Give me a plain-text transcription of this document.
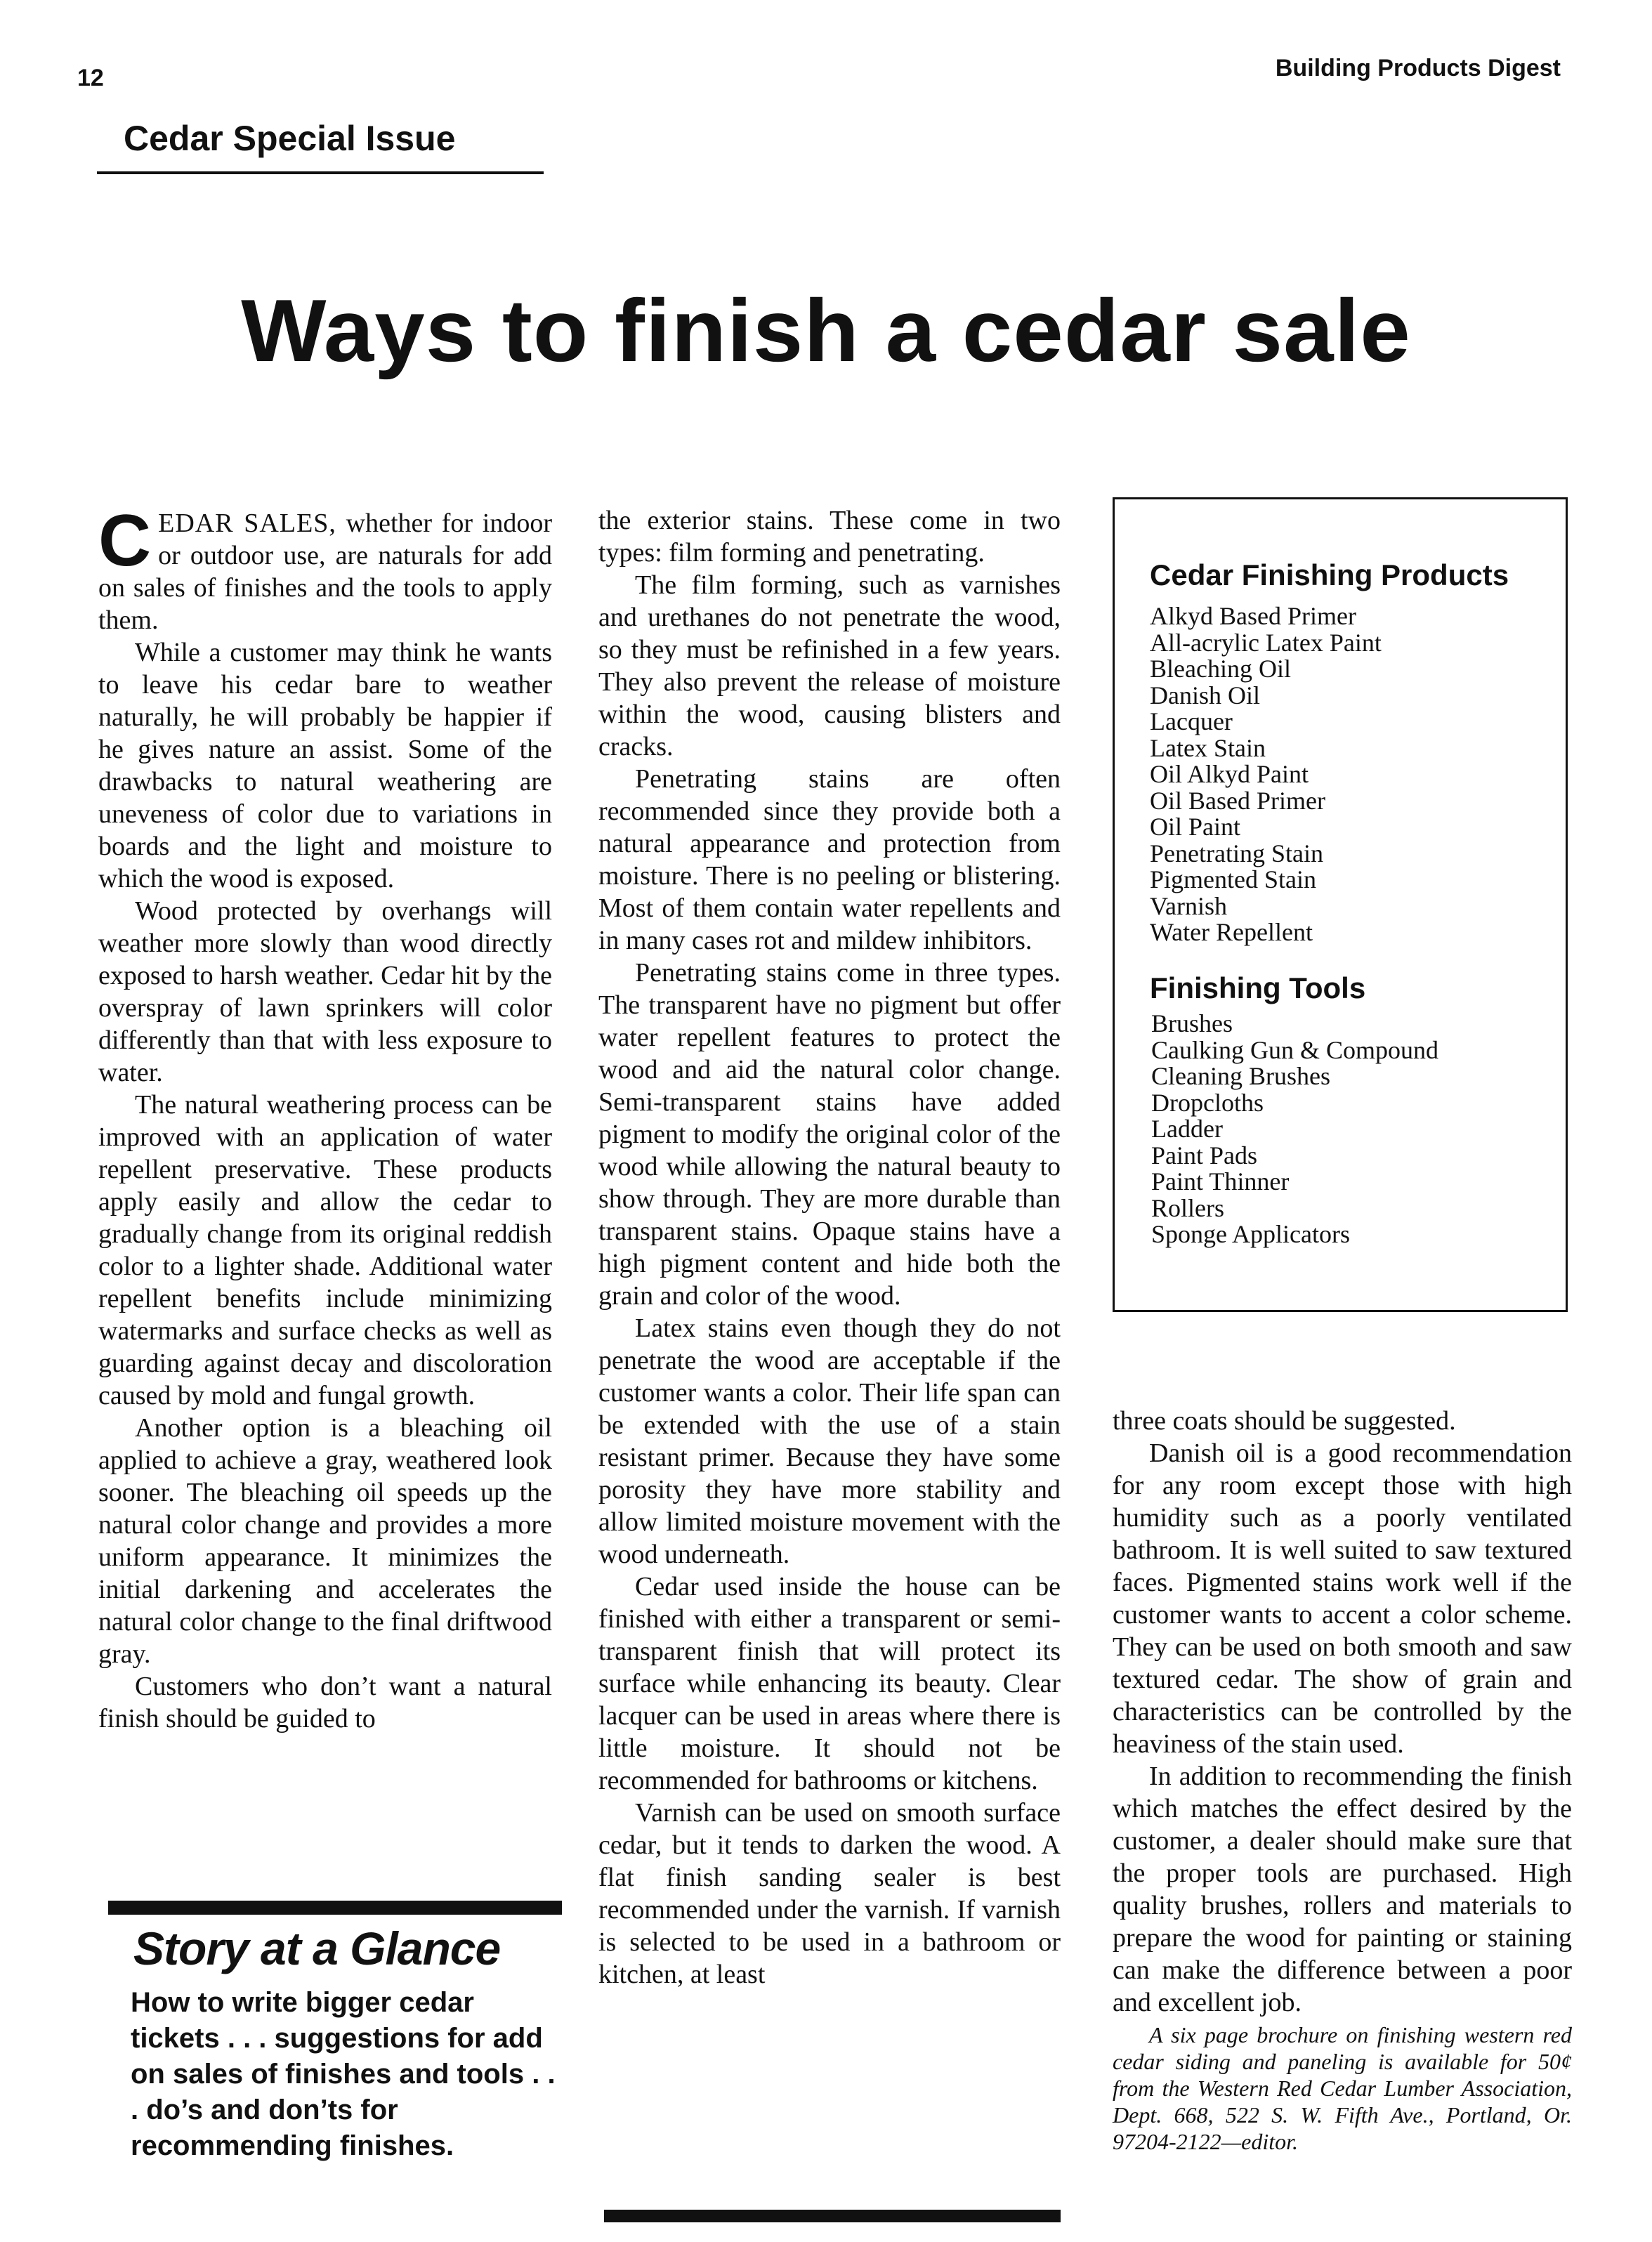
12	Building Products Digest
Cedar Special Issue
Ways to finish a cedar sale

CEDAR SALES, whether for indoor or outdoor use, are naturals for add on sales of finishes and the tools to apply them.

While a customer may think he wants to leave his cedar bare to weather naturally, he will probably be happier if he gives nature an assist. Some of the drawbacks to natural weathering are uneveness of color due to variations in boards and the light and moisture to which the wood is exposed.

Wood protected by overhangs will weather more slowly than wood directly exposed to harsh weather. Cedar hit by the overspray of lawn sprinkers will color differently than that with less exposure to water.

The natural weathering process can be improved with an application of water repellent preservative. These products apply easily and allow the cedar to gradually change from its original reddish color to a lighter shade. Additional water repellent benefits include minimizing watermarks and surface checks as well as guarding against decay and discoloration caused by mold and fungal growth.

Another option is a bleaching oil applied to achieve a gray, weathered look sooner. The bleaching oil speeds up the natural color change and provides a more uniform appearance. It minimizes the initial darkening and accelerates the natural color change to the final driftwood gray.

Customers who don’t want a natural finish should be guided to

Story at a Glance
How to write bigger cedar tickets . . . suggestions for add on sales of finishes and tools . . . do’s and don’ts for recommending finishes.

the exterior stains. These come in two types: film forming and penetrating.

The film forming, such as varnishes and urethanes do not penetrate the wood, so they must be refinished in a few years. They also prevent the release of moisture within the wood, causing blisters and cracks.

Penetrating stains are often recommended since they provide both a natural appearance and protection from moisture. There is no peeling or blistering. Most of them contain water repellents and in many cases rot and mildew inhibitors.

Penetrating stains come in three types. The transparent have no pigment but offer water repellent features to protect the wood and aid the natural color change. Semi-transparent stains have added pigment to modify the original color of the wood while allowing the natural beauty to show through. They are more durable than transparent stains. Opaque stains have a high pigment content and hide both the grain and color of the wood.

Latex stains even though they do not penetrate the wood are acceptable if the customer wants a color. Their life span can be extended with the use of a stain resistant primer. Because they have some porosity they have more stability and allow limited moisture movement with the wood underneath.

Cedar used inside the house can be finished with either a transparent or semi-transparent finish that will protect its surface while enhancing its beauty. Clear lacquer can be used in areas where there is little moisture. It should not be recommended for bathrooms or kitchens.

Varnish can be used on smooth surface cedar, but it tends to darken the wood. A flat finish sanding sealer is best recommended under the varnish. If varnish is selected to be used in a bathroom or kitchen, at least

Cedar Finishing Products
Alkyd Based Primer
All-acrylic Latex Paint
Bleaching Oil
Danish Oil
Lacquer
Latex Stain
Oil Alkyd Paint
Oil Based Primer
Oil Paint
Penetrating Stain
Pigmented Stain
Varnish
Water Repellent
Finishing Tools
Brushes
Caulking Gun & Compound
Cleaning Brushes
Dropcloths
Ladder
Paint Pads
Paint Thinner
Rollers
Sponge Applicators

three coats should be suggested.

Danish oil is a good recommendation for any room except those with high humidity such as a poorly ventilated bathroom. It is well suited to saw textured faces. Pigmented stains work well if the customer wants to accent a color scheme. They can be used on both smooth and saw textured cedar. The show of grain and characteristics can be controlled by the heaviness of the stain used.

In addition to recommending the finish which matches the effect desired by the customer, a dealer should make sure that the proper tools are purchased. High quality brushes, rollers and materials to prepare the wood for painting or staining can make the difference between a poor and excellent job.

A six page brochure on finishing western red cedar siding and paneling is available for 50¢ from the Western Red Cedar Lumber Association, Dept. 668, 522 S. W. Fifth Ave., Portland, Or. 97204-2122—editor.
